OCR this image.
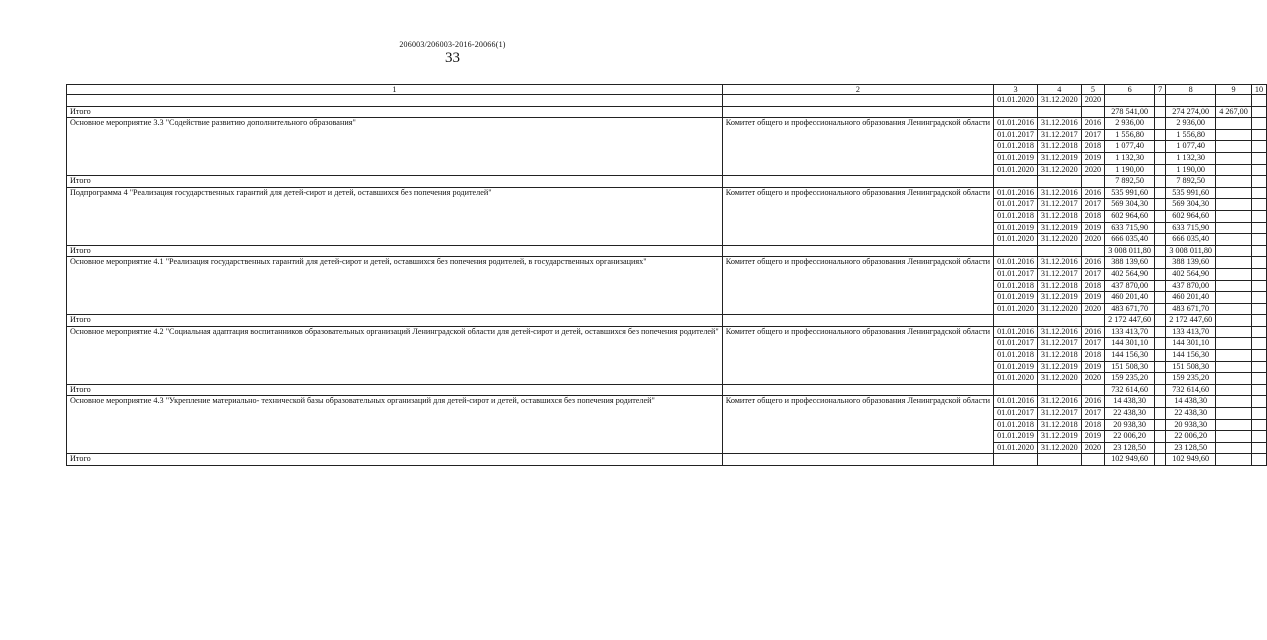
206003/206003-2016-20066(1)
33
1	2	3	4	5	6	7	8	9	10
		01.01.2020	31.12.2020	2020					
Итого					278 541,00		274 274,00	4 267,00	
Основное мероприятие 3.3 "Содействие развитию дополнительного образования"	Комитет общего и профессионального образования Ленинградской области	01.01.2016	31.12.2016	2016	2 936,00		2 936,00		
		01.01.2017	31.12.2017	2017	1 556,80		1 556,80		
		01.01.2018	31.12.2018	2018	1 077,40		1 077,40		
		01.01.2019	31.12.2019	2019	1 132,30		1 132,30		
		01.01.2020	31.12.2020	2020	1 190,00		1 190,00		
Итого					7 892,50		7 892,50		
Подпрограмма 4 "Реализация государственных гарантий для детей-сирот и детей, оставшихся без попечения родителей"	Комитет общего и профессионального образования Ленинградской области	01.01.2016	31.12.2016	2016	535 991,60		535 991,60		
		01.01.2017	31.12.2017	2017	569 304,30		569 304,30		
		01.01.2018	31.12.2018	2018	602 964,60		602 964,60		
		01.01.2019	31.12.2019	2019	633 715,90		633 715,90		
		01.01.2020	31.12.2020	2020	666 035,40		666 035,40		
Итого					3 008 011,80		3 008 011,80		
Основное мероприятие 4.1 "Реализация государственных гарантий для детей-сирот и детей, оставшихся без попечения родителей, в государственных организациях"	Комитет общего и профессионального образования Ленинградской области	01.01.2016	31.12.2016	2016	388 139,60		388 139,60		
		01.01.2017	31.12.2017	2017	402 564,90		402 564,90		
		01.01.2018	31.12.2018	2018	437 870,00		437 870,00		
		01.01.2019	31.12.2019	2019	460 201,40		460 201,40		
		01.01.2020	31.12.2020	2020	483 671,70		483 671,70		
Итого					2 172 447,60		2 172 447,60		
Основное мероприятие 4.2 "Социальная адаптация воспитанников образовательных организаций Ленинградской области для детей-сирот и детей, оставшихся без попечения родителей"	Комитет общего и профессионального образования Ленинградской области	01.01.2016	31.12.2016	2016	133 413,70		133 413,70		
		01.01.2017	31.12.2017	2017	144 301,10		144 301,10		
		01.01.2018	31.12.2018	2018	144 156,30		144 156,30		
		01.01.2019	31.12.2019	2019	151 508,30		151 508,30		
		01.01.2020	31.12.2020	2020	159 235,20		159 235,20		
Итого					732 614,60		732 614,60		
Основное мероприятие 4.3 "Укрепление материально- технической базы образовательных организаций для детей-сирот и детей, оставшихся без попечения родителей"	Комитет общего и профессионального образования Ленинградской области	01.01.2016	31.12.2016	2016	14 438,30		14 438,30		
		01.01.2017	31.12.2017	2017	22 438,30		22 438,30		
		01.01.2018	31.12.2018	2018	20 938,30		20 938,30		
		01.01.2019	31.12.2019	2019	22 006,20		22 006,20		
		01.01.2020	31.12.2020	2020	23 128,50		23 128,50		
Итого					102 949,60		102 949,60		
